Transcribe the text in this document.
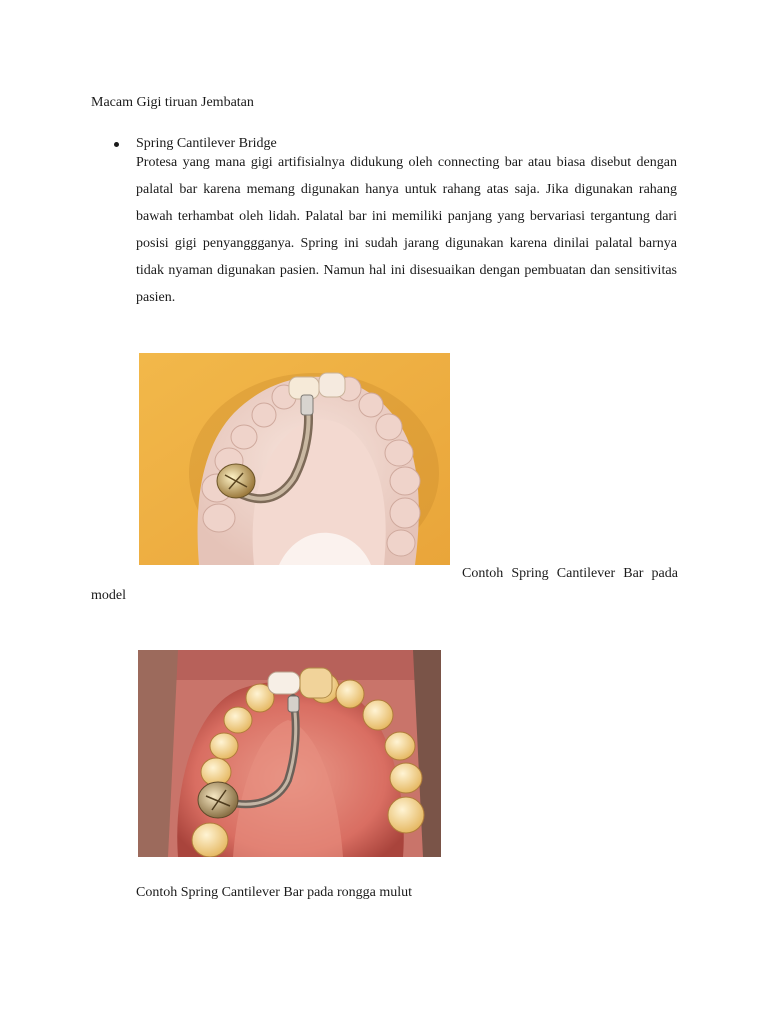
Macam Gigi tiruan Jembatan
Spring Cantilever Bridge

Protesa yang mana gigi artifisialnya didukung oleh connecting bar atau biasa disebut dengan palatal bar karena memang digunakan hanya untuk rahang atas saja. Jika digunakan rahang bawah terhambat oleh lidah. Palatal bar ini memiliki panjang yang bervariasi tergantung dari posisi gigi penyanggganya. Spring ini sudah jarang digunakan karena dinilai palatal barnya tidak nyaman digunakan pasien. Namun hal ini disesuaikan dengan pembuatan dan sensitivitas pasien.

Contoh Spring Cantilever Bar pada model

Contoh Spring Cantilever Bar pada rongga mulut
